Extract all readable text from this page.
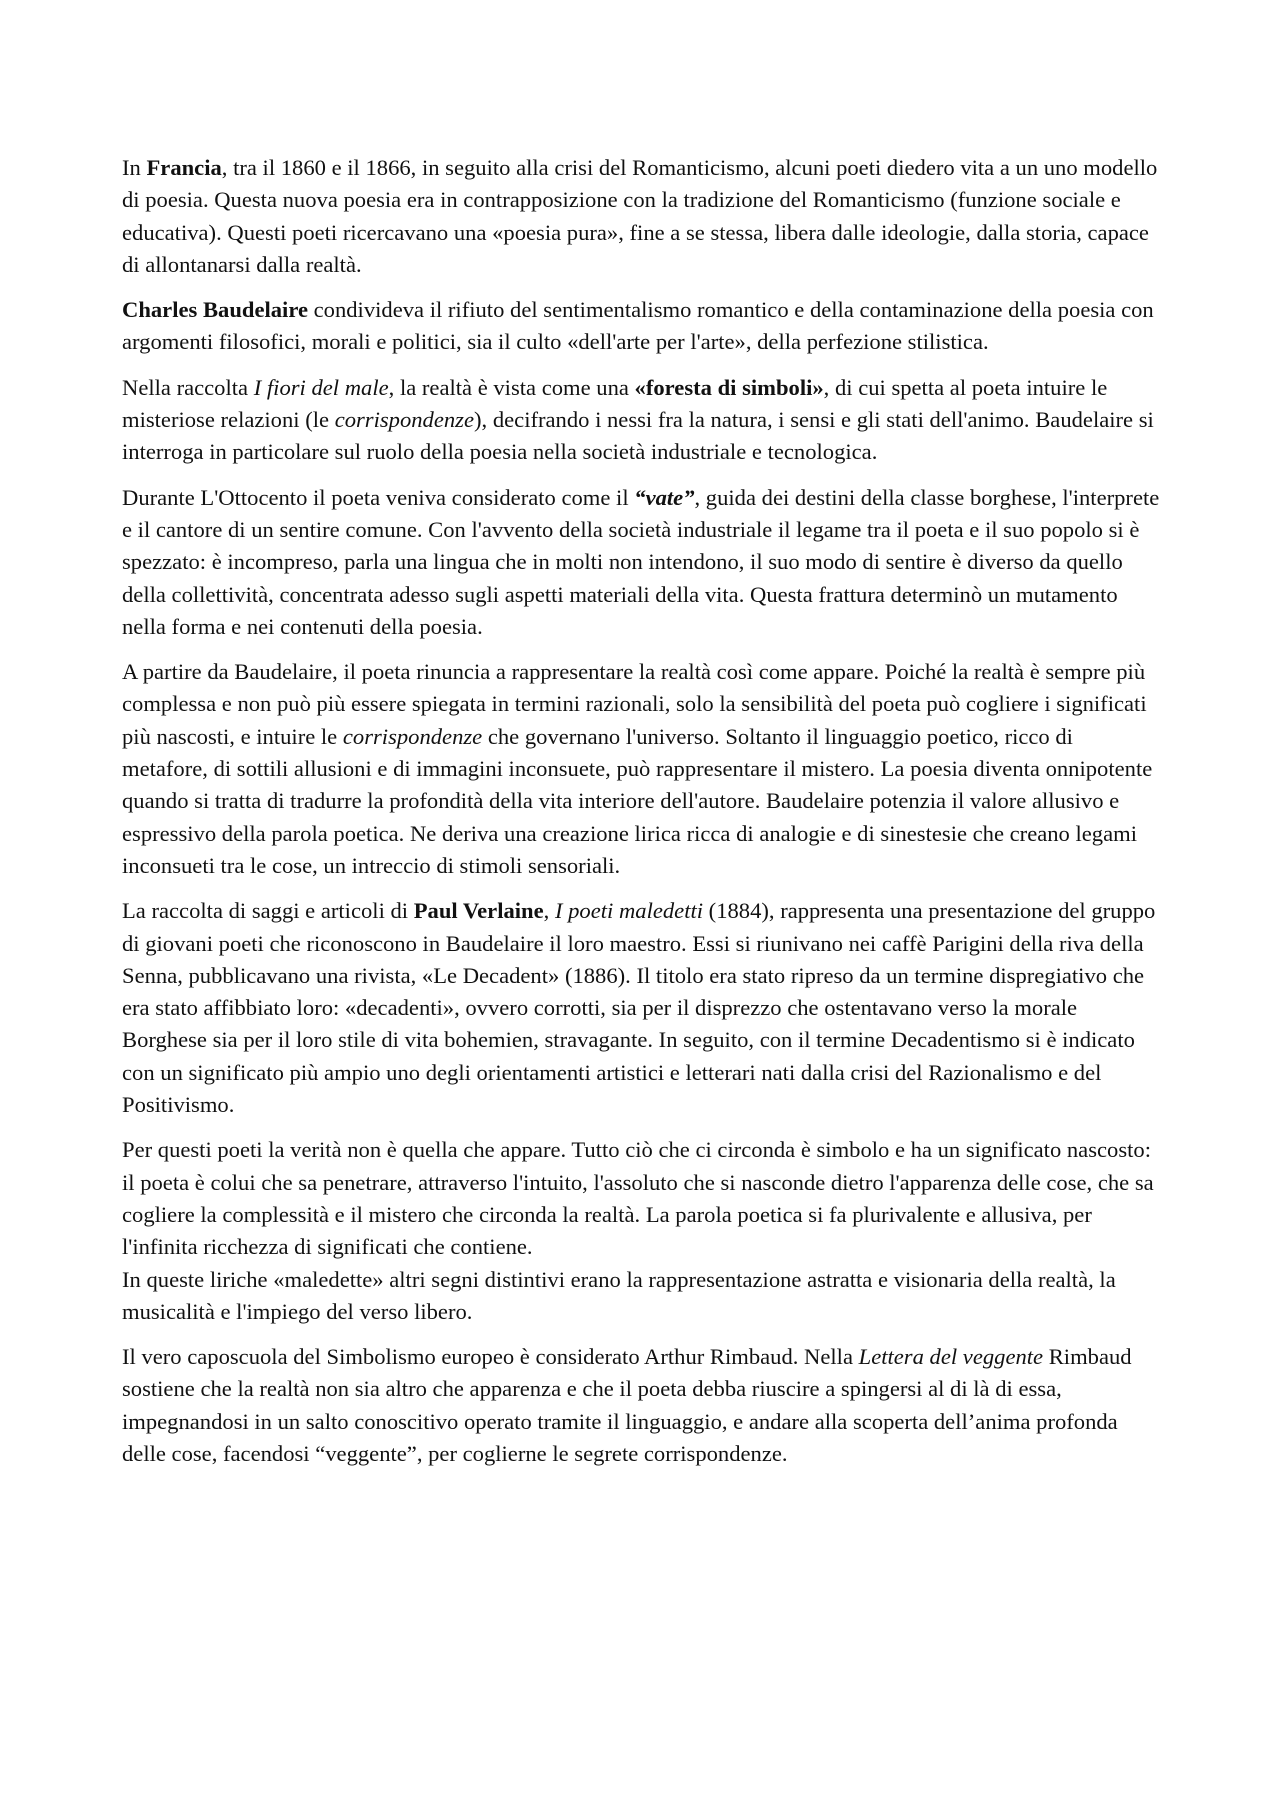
In Francia, tra il 1860 e il 1866, in seguito alla crisi del Romanticismo, alcuni poeti diedero vita a un uno modello di poesia. Questa nuova poesia era in contrapposizione con la tradizione del Romanticismo (funzione sociale e educativa). Questi poeti ricercavano una «poesia pura», fine a se stessa, libera dalle ideologie, dalla storia, capace di allontanarsi dalla realtà.

Charles Baudelaire condivideva il rifiuto del sentimentalismo romantico e della contaminazione della poesia con argomenti filosofici, morali e politici, sia il culto «dell'arte per l'arte», della perfezione stilistica.

Nella raccolta I fiori del male, la realtà è vista come una «foresta di simboli», di cui spetta al poeta intuire le misteriose relazioni (le corrispondenze), decifrando i nessi fra la natura, i sensi e gli stati dell'animo. Baudelaire si interroga in particolare sul ruolo della poesia nella società industriale e tecnologica.

Durante L'Ottocento il poeta veniva considerato come il “vate”, guida dei destini della classe borghese, l'interprete e il cantore di un sentire comune. Con l'avvento della società industriale il legame tra il poeta e il suo popolo si è spezzato: è incompreso, parla una lingua che in molti non intendono, il suo modo di sentire è diverso da quello della collettività, concentrata adesso sugli aspetti materiali della vita. Questa frattura determinò un mutamento nella forma e nei contenuti della poesia.

A partire da Baudelaire, il poeta rinuncia a rappresentare la realtà così come appare. Poiché la realtà è sempre più complessa e non può più essere spiegata in termini razionali, solo la sensibilità del poeta può cogliere i significati più nascosti, e intuire le corrispondenze che governano l'universo. Soltanto il linguaggio poetico, ricco di metafore, di sottili allusioni e di immagini inconsuete, può rappresentare il mistero. La poesia diventa onnipotente quando si tratta di tradurre la profondità della vita interiore dell'autore. Baudelaire potenzia il valore allusivo e espressivo della parola poetica. Ne deriva una creazione lirica ricca di analogie e di sinestesie che creano legami inconsueti tra le cose, un intreccio di stimoli sensoriali.

La raccolta di saggi e articoli di Paul Verlaine, I poeti maledetti (1884), rappresenta una presentazione del gruppo di giovani poeti che riconoscono in Baudelaire il loro maestro. Essi si riunivano nei caffè Parigini della riva della Senna, pubblicavano una rivista, «Le Decadent» (1886). Il titolo era stato ripreso da un termine dispregiativo che era stato affibbiato loro: «decadenti», ovvero corrotti, sia per il disprezzo che ostentavano verso la morale Borghese sia per il loro stile di vita bohemien, stravagante. In seguito, con il termine Decadentismo si è indicato con un significato più ampio uno degli orientamenti artistici e letterari nati dalla crisi del Razionalismo e del Positivismo.

Per questi poeti la verità non è quella che appare. Tutto ciò che ci circonda è simbolo e ha un significato nascosto: il poeta è colui che sa penetrare, attraverso l'intuito, l'assoluto che si nasconde dietro l'apparenza delle cose, che sa cogliere la complessità e il mistero che circonda la realtà. La parola poetica si fa plurivalente e allusiva, per l'infinita ricchezza di significati che contiene.
In queste liriche «maledette» altri segni distintivi erano la rappresentazione astratta e visionaria della realtà, la musicalità e l'impiego del verso libero.

Il vero caposcuola del Simbolismo europeo è considerato Arthur Rimbaud. Nella Lettera del veggente Rimbaud sostiene che la realtà non sia altro che apparenza e che il poeta debba riuscire a spingersi al di là di essa, impegnandosi in un salto conoscitivo operato tramite il linguaggio, e andare alla scoperta dell’anima profonda delle cose, facendosi “veggente”, per coglierne le segrete corrispondenze.
